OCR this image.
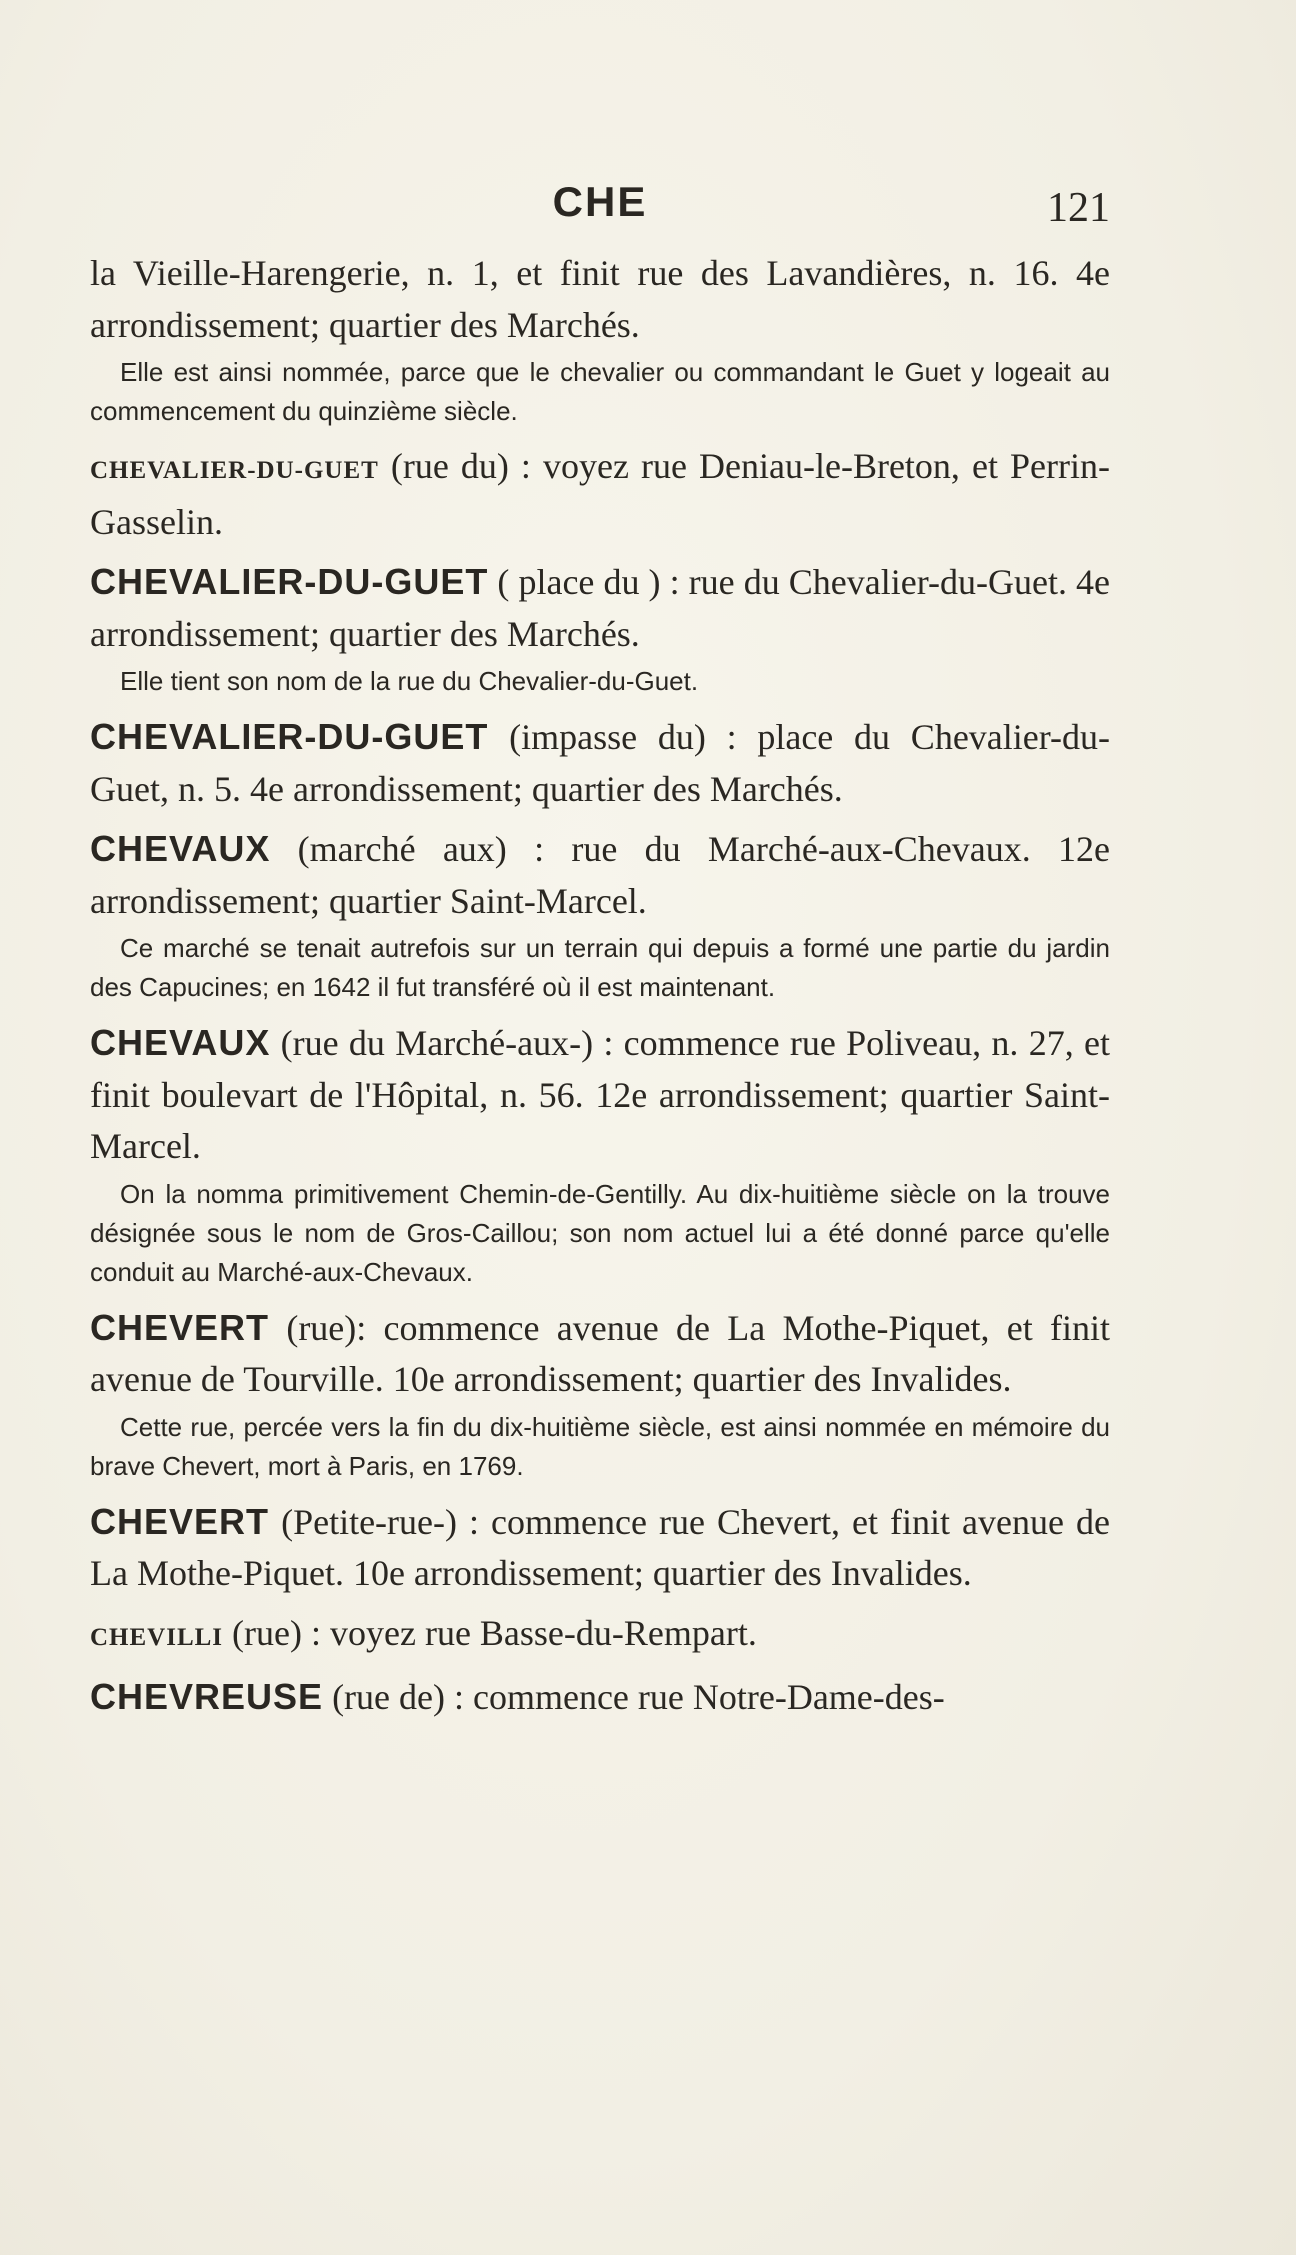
CHE	121

la Vieille-Harengerie, n. 1, et finit rue des Lavandières, n. 16. 4e arrondissement; quartier des Marchés.

Elle est ainsi nommée, parce que le chevalier ou commandant le Guet y logeait au commencement du quinzième siècle.

CHEVALIER-DU-GUET (rue du) : voyez rue Deniau-le-Breton, et Perrin-Gasselin.

CHEVALIER-DU-GUET ( place du ) : rue du Chevalier-du-Guet. 4e arrondissement; quartier des Marchés.

Elle tient son nom de la rue du Chevalier-du-Guet.

CHEVALIER-DU-GUET (impasse du) : place du Chevalier-du-Guet, n. 5. 4e arrondissement; quartier des Marchés.

CHEVAUX (marché aux) : rue du Marché-aux-Chevaux. 12e arrondissement; quartier Saint-Marcel.

Ce marché se tenait autrefois sur un terrain qui depuis a formé une partie du jardin des Capucines; en 1642 il fut transféré où il est maintenant.

CHEVAUX (rue du Marché-aux-) : commence rue Poliveau, n. 27, et finit boulevart de l'Hôpital, n. 56. 12e arrondissement; quartier Saint-Marcel.

On la nomma primitivement Chemin-de-Gentilly. Au dix-huitième siècle on la trouve désignée sous le nom de Gros-Caillou; son nom actuel lui a été donné parce qu'elle conduit au Marché-aux-Chevaux.

CHEVERT (rue): commence avenue de La Mothe-Piquet, et finit avenue de Tourville. 10e arrondissement; quartier des Invalides.

Cette rue, percée vers la fin du dix-huitième siècle, est ainsi nommée en mémoire du brave Chevert, mort à Paris, en 1769.

CHEVERT (Petite-rue-) : commence rue Chevert, et finit avenue de La Mothe-Piquet. 10e arrondissement; quartier des Invalides.

CHEVILLI (rue) : voyez rue Basse-du-Rempart.

CHEVREUSE (rue de) : commence rue Notre-Dame-des-
